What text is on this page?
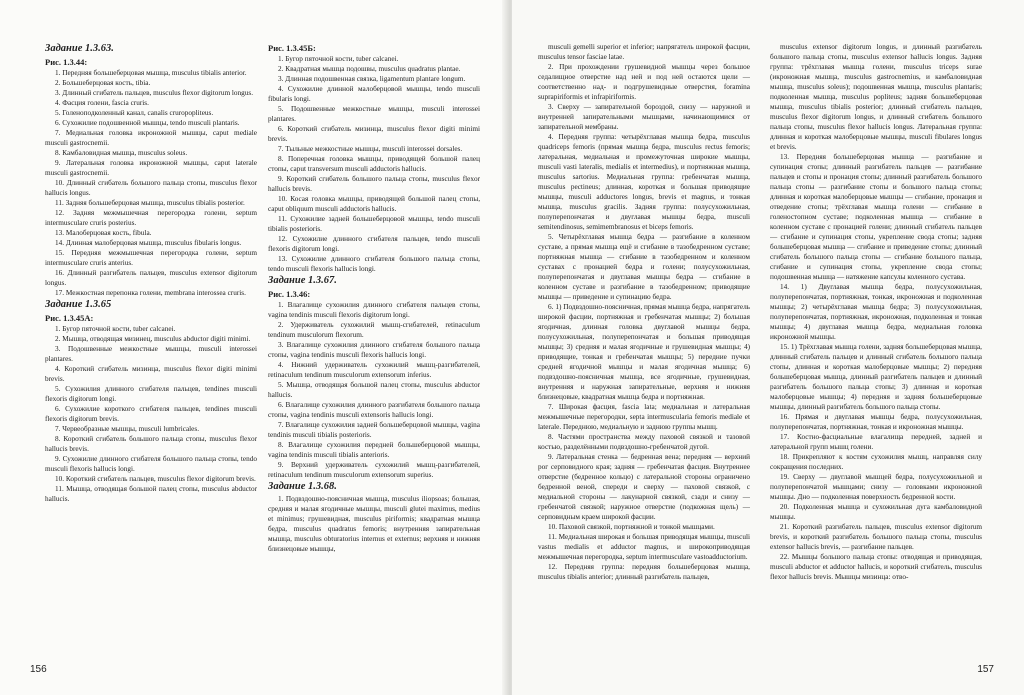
Задание 1.3.63.

Рис. 1.3.44:

1. Передняя большеберцовая мышца, musculus tibialis anterior.

2. Большеберцовая кость, tibia.

3. Длинный сгибатель пальцев, musculus flexor digitorum longus.

4. Фасция голени, fascia cruris.

5. Голеноподколенный канал, canalis cruropopliteus.

6. Сухожилие подошвенной мышцы, tendo musculi plantaris.

7. Медиальная головка икроножной мышцы, caput mediale musculi gastrocnemii.

8. Камбаловидная мышца, musculus soleus.

9. Латеральная головка икроножной мышцы, caput laterale musculi gastrocnemii.

10. Длинный сгибатель большого пальца стопы, musculus flexor hallucis longus.

11. Задняя большеберцовая мышца, musculus tibialis posterior.

12. Задняя межмышечная перегородка голени, septum intermusculare cruris posterius.

13. Малоберцовая кость, fibula.

14. Длинная малоберцовая мышца, musculus fibularis longus.

15. Передняя межмышечная перегородка голени, septum intermusculare cruris anterius.

16. Длинный разгибатель пальцев, musculus extensor digitorum longus.

17. Межкостная перепонка голени, membrana interossea cruris.

Задание 1.3.65

Рис. 1.3.45А:

1. Бугор пяточной кости, tuber calcanei.

2. Мышца, отводящая мизинец, musculus abductor digiti minimi.

3. Подошвенные межкостные мышцы, musculi interossei plantares.

4. Короткий сгибатель мизинца, musculus flexor digiti minimi brevis.

5. Сухожилия длинного сгибателя пальцев, tendines musculi flexoris digitorum longi.

6. Сухожилие короткого сгибателя пальцев, tendines musculi flexoris digitorum brevis.

7. Червеобразные мышцы, musculi lumbricales.

8. Короткий сгибатель большого пальца стопы, musculus flexor hallucis brevis.

9. Сухожилие длинного сгибателя большого пальца стопы, tendo musculi flexoris hallucis longi.

10. Короткий сгибатель пальцев, musculus flexor digitorum brevis.

11. Мышца, отводящая большой палец стопы, musculus abductor hallucis.

Рис. 1.3.45Б:

1. Бугор пяточной кости, tuber calcanei.

2. Квадратная мышца подошвы, musculus quadratus plantae.

3. Длинная подошвенная связка, ligamentum plantare longum.

4. Сухожилие длинной малоберцовой мышцы, tendo musculi fibularis longi.

5. Подошвенные межкостные мышцы, musculi interossei plantares.

6. Короткий сгибатель мизинца, musculus flexor digiti minimi brevis.

7. Тыльные межкостные мышцы, musculi interossei dorsales.

8. Поперечная головка мышцы, приводящей большой палец стопы, caput transversum musculi adductoris hallucis.

9. Короткий сгибатель большого пальца стопы, musculus flexor hallucis brevis.

10. Косая головка мышцы, приводящей большой палец стопы, caput obliquum musculi adductoris hallucis.

11. Сухожилие задней большеберцовой мышцы, tendo musculi tibialis posterioris.

12. Сухожилие длинного сгибателя пальцев, tendo musculi flexoris digitorum longi.

13. Сухожилие длинного сгибателя большого пальца стопы, tendo musculi flexoris hallucis longi.

Задание 1.3.67.

Рис. 1.3.46:

1. Влагалище сухожилия длинного сгибателя пальцев стопы, vagina tendinis musculi flexoris digitorum longi.

2. Удерживатель сухожилий мышц-сгибателей, retinaculum tendinum musculorum flexorum.

3. Влагалище сухожилия длинного сгибателя большого пальца стопы, vagina tendinis musculi flexoris hallucis longi.

4. Нижний удерживатель сухожилий мышц-разгибателей, retinaculum tendinum musculorum extensorum inferius.

5. Мышца, отводящая большой палец стопы, musculus abductor hallucis.

6. Влагалище сухожилия длинного разгибателя большого пальца стопы, vagina tendinis musculi extensoris hallucis longi.

7. Влагалище сухожилия задней большеберцовой мышцы, vagina tendinis musculi tibialis posterioris.

8. Влагалище сухожилия передней большеберцовой мышцы, vagina tendinis musculi tibialis anterioris.

9. Верхний удерживатель сухожилий мышц-разгибателей, retinaculum tendinum musculorum extensorum superius.

Задание 1.3.68.

1. Подвздошно-поясничная мышца, musculus iliopsoas; большая, средняя и малая ягодичные мышцы, musculi glutei maximus, medius et minimus; грушевидная, musculus piriformis; квадратная мышца бедра, musculus quadratus femoris; внутренняя запирательная мышца, musculus obturatorius internus et externus; верхняя и нижняя близнецовые мышцы,

156

musculi gemelli superior et inferior; напрягатель широкой фасции, musculus tensor fasciae latae.

2. При прохождении грушевидной мышцы через большое седалищное отверстие над ней и под ней остаются щели — соответственно над- и подгрушевидные отверстия, foramina suprapiriformis et infrapiriformis.

3. Сверху — запирательной бороздой, снизу — наружной и внутренней запирательными мышцами, начинающимися от запирательной мембраны.

4. Передняя группа: четырёхглавая мышца бедра, musculus quadriceps femoris (прямая мышца бедра, musculus rectus femoris; латеральная, медиальная и промежуточная широкие мышцы, musculi vasti lateralis, medialis et intermedius), и портняжная мышца, musculus sartorius. Медиальная группа: гребенчатая мышца, musculus pectineus; длинная, короткая и большая приводящие мышцы, musculi adductores longus, brevis et magnus, и тонкая мышца, musculus gracilis. Задняя группа: полусухожильная, полуперепончатая и двуглавая мышцы бедра, musculi semitendinosus, semimembranosus et biceps femoris.

5. Четырёхглавая мышца бедра — разгибание в коленном суставе, а прямая мышца ещё и сгибание в тазобедренном суставе; портняжная мышца — сгибание в тазобедренном и коленном суставах с пронацией бедра и голени; полусухожильная, полуперепончатая и двуглавая мышцы бедра — сгибание в коленном суставе и разгибание в тазобедренном; приводящие мышцы — приведение и супинацию бедра.

6. 1) Подвздошно-поясничная, прямая мышца бедра, напрягатель широкой фасции, портняжная и гребенчатая мышцы; 2) большая ягодичная, длинная головка двуглавой мышцы бедра, полусухожильная, полуперепончатая и большая приводящая мышцы; 3) средняя и малая ягодичные и грушевидная мышцы; 4) приводящие, тонкая и гребенчатая мышцы; 5) передние пучки средней ягодичной мышцы и малая ягодичная мышца; 6) подвздошно-поясничная мышца, все ягодичные, грушевидная, внутренняя и наружная запирательные, верхняя и нижняя близнецовые, квадратная мышца бедра и портняжная.

7. Широкая фасция, fascia lata; медиальная и латеральная межмышечные перегородки, septa intermuscularia femoris mediale et laterale. Переднюю, медиальную и заднюю группы мышц.

8. Частями пространства между паховой связкой и тазовой костью, разделёнными подвздошно-гребенчатой дугой.

9. Латеральная стенка — бедренная вена; передняя — верхний рог серповидного края; задняя — гребенчатая фасция. Внутреннее отверстие (бедренное кольцо) с латеральной стороны ограничено бедренной веной, спереди и сверху — паховой связкой, с медиальной стороны — лакунарной связкой, сзади и снизу — гребенчатой связкой; наружное отверстие (подкожная щель) — серповидным краем широкой фасции.

10. Паховой связкой, портняжной и тонкой мышцами.

11. Медиальная широкая и большая приводящая мышцы, musculi vastus medialis et adductor magnus, и широкоприводящая межмышечная перегородка, septum intermusculare vastoadductorium.

12. Передняя группа: передняя большеберцовая мышца, musculus tibialis anterior; длинный разгибатель пальцев,

musculus extensor digitorum longus, и длинный разгибатель большого пальца стопы, musculus extensor hallucis longus. Задняя группа: трёхглавая мышца голени, musculus triceps surae (икроножная мышца, musculus gastrocnemius, и камбаловидная мышца, musculus soleus); подошвенная мышца, musculus plantaris; подколенная мышца, musculus popliteus; задняя большеберцовая мышца, musculus tibialis posterior; длинный сгибатель пальцев, musculus flexor digitorum longus, и длинный сгибатель большого пальца стопы, musculus flexor hallucis longus. Латеральная группа: длинная и короткая малоберцовые мышцы, musculi fibulares longus et brevis.

13. Передняя большеберцовая мышца — разгибание и супинация стопы; длинный разгибатель пальцев — разгибание пальцев и стопы и пронация стопы; длинный разгибатель большого пальца стопы — разгибание стопы и большого пальца стопы; длинная и короткая малоберцовые мышцы — сгибание, пронация и отведение стопы; трёхглавая мышца голени — сгибание в голеностопном суставе; подколенная мышца — сгибание в коленном суставе с пронацией голени; длинный сгибатель пальцев — сгибание и супинация стопы, укрепление свода стопы; задняя большеберцовая мышца — сгибание и приведение стопы; длинный сгибатель большого пальца стопы — сгибание большого пальца, сгибание и супинация стопы, укрепление свода стопы; подошвенная мышца — натяжение капсулы коленного сустава.

14. 1) Двуглавая мышца бедра, полусухожильная, полуперепончатая, портняжная, тонкая, икроножная и подколенная мышцы; 2) четырёхглавая мышца бедра; 3) полусухожильная, полуперепончатая, портняжная, икроножная, подколенная и тонкая мышцы; 4) двуглавая мышца бедра, медиальная головка икроножной мышцы.

15. 1) Трёхглавая мышца голени, задняя большеберцовая мышца, длинный сгибатель пальцев и длинный сгибатель большого пальца стопы, длинная и короткая малоберцовые мышцы; 2) передняя большеберцовая мышца, длинный разгибатель пальцев и длинный разгибатель большого пальца стопы; 3) длинная и короткая малоберцовые мышцы; 4) передняя и задняя большеберцовые мышцы, длинный разгибатель большого пальца стопы.

16. Прямая и двуглавая мышцы бедра, полусухожильная, полуперепончатая, портняжная, тонкая и икроножная мышцы.

17. Костно-фасциальные влагалища передней, задней и латеральной групп мышц голени.

18. Прикрепляют к костям сухожилия мышц, направляя силу сокращения последних.

19. Сверху — двуглавой мышцей бедра, полусухожильной и полуперепончатой мышцами; снизу — головками икроножной мышцы. Дно — подколенная поверхность бедренной кости.

20. Подколенная мышца и сухожильная дуга камбаловидной мышцы.

21. Короткий разгибатель пальцев, musculus extensor digitorum brevis, и короткий разгибатель большого пальца стопы, musculus extensor hallucis brevis, — разгибание пальцев.

22. Мышцы большого пальца стопы: отводящая и приводящая, musculi abductor et adductor hallucis, и короткий сгибатель, musculus flexor hallucis brevis. Мышцы мизинца: отво-

157
